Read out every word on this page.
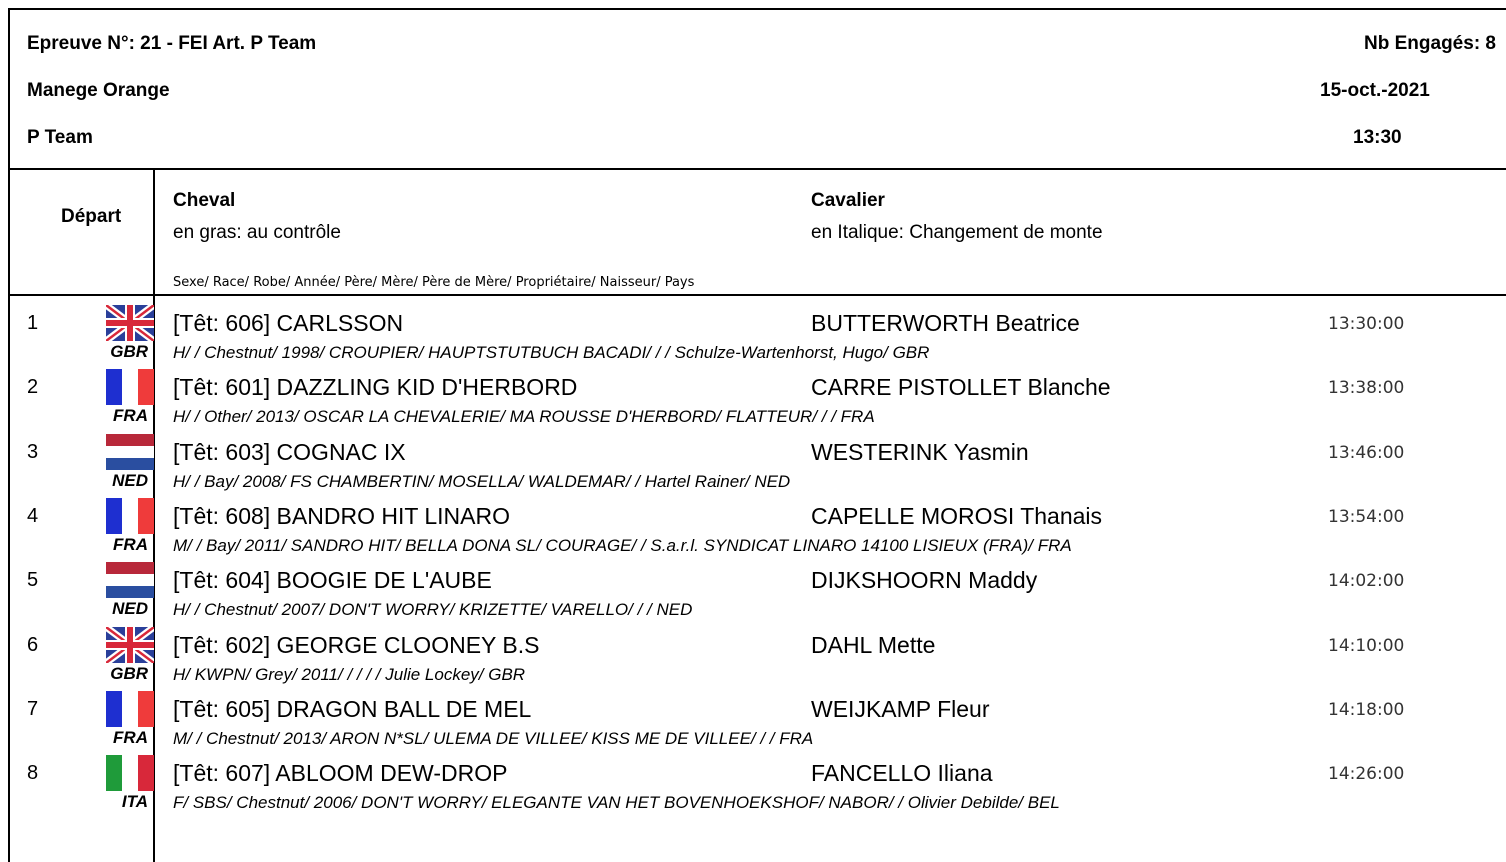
Epreuve N°: 21 - FEI Art. P Team	Nb Engagés: 8
Manege Orange	15-oct.-2021
P Team	13:30
Départ
Cheval
en gras: au contrôle
Cavalier
en Italique: Changement de monte
Sexe/ Race/ Robe/ Année/ Père/ Mère/ Père de Mère/ Propriétaire/ Naisseur/ Pays
1
GBR
[Têt: 606] CARLSSON	BUTTERWORTH Beatrice	13:30:00
H/ / Chestnut/ 1998/ CROUPIER/ HAUPTSTUTBUCH BACADI/ / / Schulze-Wartenhorst, Hugo/ GBR
2
FRA
[Têt: 601] DAZZLING KID D'HERBORD	CARRE PISTOLLET Blanche	13:38:00
H/ / Other/ 2013/ OSCAR LA CHEVALERIE/ MA ROUSSE D'HERBORD/ FLATTEUR/ / / FRA
3
NED
[Têt: 603] COGNAC IX	WESTERINK Yasmin	13:46:00
H/ / Bay/ 2008/ FS CHAMBERTIN/ MOSELLA/ WALDEMAR/ / Hartel Rainer/ NED
4
FRA
[Têt: 608] BANDRO HIT LINARO	CAPELLE MOROSI Thanais	13:54:00
M/ / Bay/ 2011/ SANDRO HIT/ BELLA DONA SL/ COURAGE/ / S.a.r.l. SYNDICAT LINARO 14100 LISIEUX (FRA)/ FRA
5
NED
[Têt: 604] BOOGIE DE L'AUBE	DIJKSHOORN Maddy	14:02:00
H/ / Chestnut/ 2007/ DON'T WORRY/ KRIZETTE/ VARELLO/ / / NED
6
GBR
[Têt: 602] GEORGE CLOONEY B.S	DAHL Mette	14:10:00
H/ KWPN/ Grey/ 2011/ / / / / Julie Lockey/ GBR
7
FRA
[Têt: 605] DRAGON BALL DE MEL	WEIJKAMP Fleur	14:18:00
M/ / Chestnut/ 2013/ ARON N*SL/ ULEMA DE VILLEE/ KISS ME DE VILLEE/ / / FRA
8
ITA
[Têt: 607] ABLOOM DEW-DROP	FANCELLO Iliana	14:26:00
F/ SBS/ Chestnut/ 2006/ DON'T WORRY/ ELEGANTE VAN HET BOVENHOEKSHOF/ NABOR/ / Olivier Debilde/ BEL
